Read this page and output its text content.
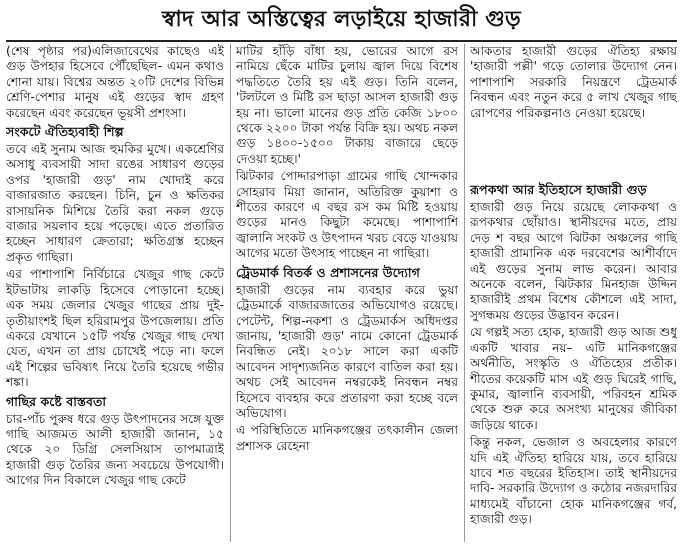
স্বাদ আর অস্তিত্বের লড়াইয়ে হাজারী গুড়

(শেষ পৃষ্ঠার পর)এলিজাবেথের কাছেও এই গুড় উপহার হিসেবে পৌঁছেছিল- এমন কথাও শোনা যায়। বিশ্বের অন্তত ২০টি দেশের বিভিন্ন শ্রেণি-পেশার মানুষ এই গুড়ের স্বাদ গ্রহণ করেছেন এবং করেছেন ভূয়সী প্রশংসা।

সংকটে ঐতিহ্যবাহী শিল্প

তবে এই সুনাম আজ হুমকির মুখে। একশ্রেণির অসাধু ব্যবসায়ী সাদা রঙের সাধারণ গুড়ের ওপর 'হাজারী গুড়' নাম খোদাই করে বাজারজাত করছেন। চিনি, চুন ও ক্ষতিকর রাসায়নিক মিশিয়ে তৈরি করা নকল গুড়ে বাজার সয়লাব হয়ে পড়েছে। এতে প্রতারিত হচ্ছেন সাধারণ ক্রেতারা; ক্ষতিগ্রস্ত হচ্ছেন প্রকৃত গাছিরা।

এর পাশাপাশি নির্বিচারে খেজুর গাছ কেটে ইটভাটায় লাকড়ি হিসেবে পোড়ানো হচ্ছে। এক সময় জেলার খেজুর গাছের প্রায় দুই-তৃতীয়াংশই ছিল হরিরামপুর উপজেলায়। প্রতি একরে যেখানে ১৫টি পর্যন্ত খেজুর গাছ দেখা যেত, এখন তা প্রায় চোখেই পড়ে না। ফলে এই শিল্পের ভবিষ্যৎ নিয়ে তৈরি হয়েছে গভীর শঙ্কা।

গাছির কষ্টে বাস্তবতা

চার-পাঁচ পুরুষ ধরে গুড় উৎপাদনের সঙ্গে যুক্ত গাছি আজমত আলী হাজারী জানান, ১৫ থেকে ২০ ডিগ্রি সেলসিয়াস তাপমাত্রাই হাজারী গুড় তৈরির জন্য সবচেয়ে উপযোগী। আগের দিন বিকালে খেজুর গাছ কেটে

মাটির হাঁড়ি বাঁধা হয়, ভোরের আগে রস নামিয়ে ছেঁকে মাটির চুলায় জ্বাল দিয়ে বিশেষ পদ্ধতিতে তৈরি হয় এই গুড়। তিনি বলেন, 'টলটলে ও মিষ্টি রস ছাড়া আসল হাজারী গুড় হয় না। ভালো মানের গুড় প্রতি কেজি ১৮০০ থেকে ২২০০ টাকা পর্যন্ত বিক্রি হয়। অথচ নকল গুড় ১৪০০-১৫০০ টাকায় বাজারে ছেড়ে দেওয়া হচ্ছে।'

ঝিটকার পোদ্দারপাড়া গ্রামের গাছি খোন্দকার সোহরাব মিয়া জানান, অতিরিক্ত কুয়াশা ও শীতের কারণে এ বছর রস কম মিষ্টি হওয়ায় গুড়ের মানও কিছুটা কমেছে। পাশাপাশি জ্বালানি সংকট ও উৎপাদন খরচ বেড়ে যাওয়ায় আগের মতো উৎসাহ পাচ্ছেন না গাছিরা।

ট্রেডমার্ক বিতর্ক ও প্রশাসনের উদ্যোগ

হাজারী গুড়ের নাম ব্যবহার করে ভুয়া ট্রেডমার্কে বাজারজাতের অভিযোগও রয়েছে। পেটেন্ট, শিল্প-নকশা ও ট্রেডমার্কস অধিদপ্তর জানায়, 'হাজারী গুড়' নামে কোনো ট্রেডমার্ক নিবন্ধিত নেই। ২০১৮ সালে করা একটি আবেদন সাদৃশ্যজনিত কারণে বাতিল করা হয়। অথচ সেই আবেদন নম্বরকেই নিবন্ধন নম্বর হিসেবে ব্যবহার করে প্রতারণা করা হচ্ছে বলে অভিযোগ।

এ পরিস্থিতিতে মানিকগঞ্জের তৎকালীন জেলা প্রশাসক রেহেনা

আকতার হাজারী গুড়ের ঐতিহ্য রক্ষায় 'হাজারী পল্লী' গড়ে তোলার উদ্যোগ নেন। পাশাপাশি সরকারি নিয়ন্ত্রণে ট্রেডমার্ক নিবন্ধন এবং নতুন করে ৫ লাখ খেজুর গাছ রোপণের পরিকল্পনাও নেওয়া হয়েছে।

রূপকথা আর ইতিহাসে হাজারী গুড়

হাজারী গুড় নিয়ে রয়েছে লোককথা ও রূপকথার ছোঁয়াও। স্থানীয়দের মতে, প্রায় দেড় শ বছর আগে ঝিটকা অঞ্চলের গাছি হাজারী প্রামানিক এক দরবেশের আশীর্বাদে এই গুড়ের সুনাম লাভ করেন। আবার অনেকে বলেন, ঝিটকার মিনহাজ উদ্দিন হাজারীই প্রথম বিশেষ কৌশলে এই সাদা, সুগন্ধময় গুড়ের উদ্ভাবন করেন।

যে গল্পই সত্য হোক, হাজারী গুড় আজ শুধু একটি খাবার নয়– এটি মানিকগঞ্জের অর্থনীতি, সংস্কৃতি ও ঐতিহ্যের প্রতীক। শীতের কয়েকটি মাস এই গুড় ঘিরেই গাছি, কুমার, জ্বালানি ব্যবসায়ী, পরিবহন শ্রমিক থেকে শুরু করে অসংখ্য মানুষের জীবিকা জড়িয়ে থাকে।

কিন্তু নকল, ভেজাল ও অবহেলার কারণে যদি এই ঐতিহ্য হারিয়ে যায়, তবে হারিয়ে যাবে শত বছরের ইতিহাস। তাই স্থানীয়দের দাবি- সরকারি উদ্যোগ ও কঠোর নজরদারির মাধ্যমেই বাঁচানো হোক মানিকগঞ্জের গর্ব, হাজারী গুড়।
